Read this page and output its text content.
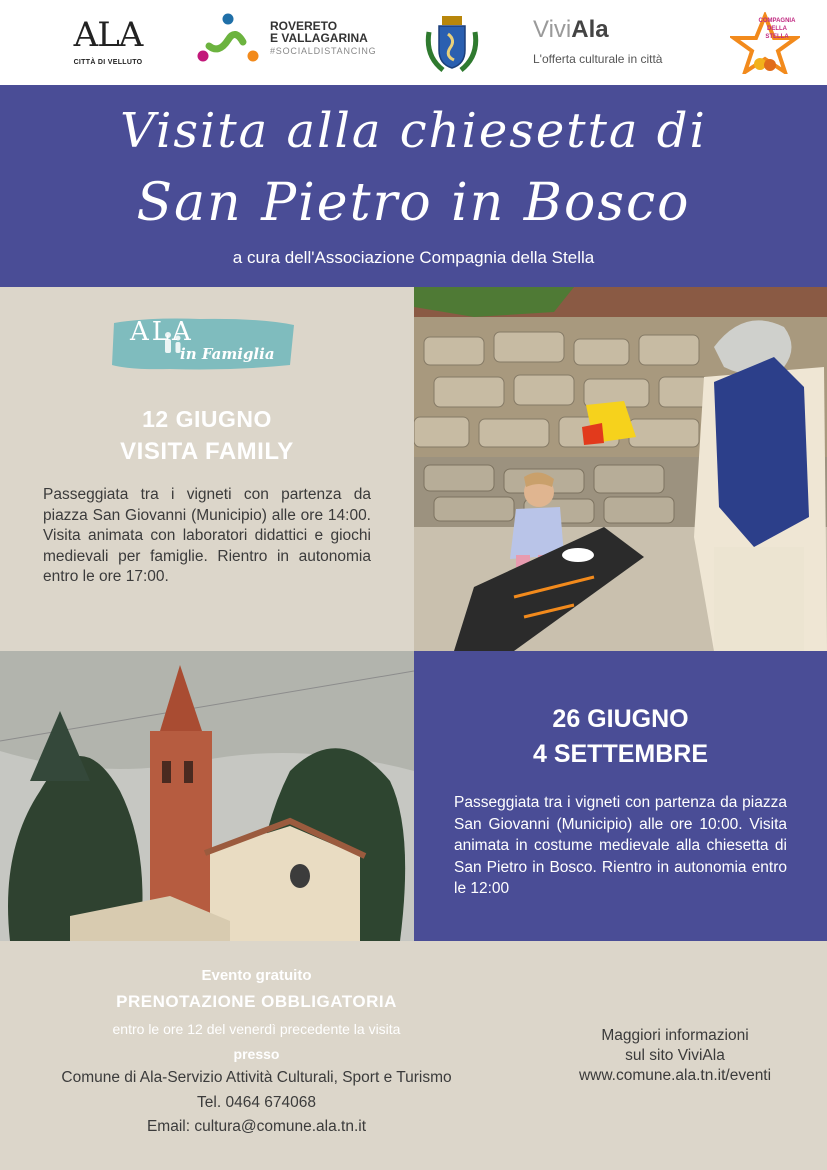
ALA
CITTÀ DI VELLUTO
ROVERETO
E VALLAGARINA
#SOCIALDISTANCING
ViviAla
L'offerta culturale in città
COMPAGNIA DELLA STELLA
Visita alla chiesetta di
San Pietro in Bosco
a cura dell'Associazione Compagnia della Stella
ALA
in Famiglia
12 GIUGNO
VISITA FAMILY
Passeggiata tra i vigneti con partenza da piazza San Giovanni (Municipio) alle ore 14:00. Visita animata con laboratori didattici e giochi medievali per famiglie. Rientro in autonomia entro le ore 17:00.
26 GIUGNO
4 SETTEMBRE
Passeggiata tra i vigneti con partenza da piazza San Giovanni (Municipio) alle ore 10:00. Visita animata in costume medievale alla chiesetta di San Pietro in Bosco. Rientro in autonomia entro le 12:00
Evento gratuito
PRENOTAZIONE OBBLIGATORIA
entro le ore 12 del venerdì precedente la visita
presso
Comune di Ala-Servizio Attività Culturali, Sport e Turismo
Tel. 0464 674068
Email: cultura@comune.ala.tn.it
Maggiori informazioni
sul sito ViviAla
www.comune.ala.tn.it/eventi
